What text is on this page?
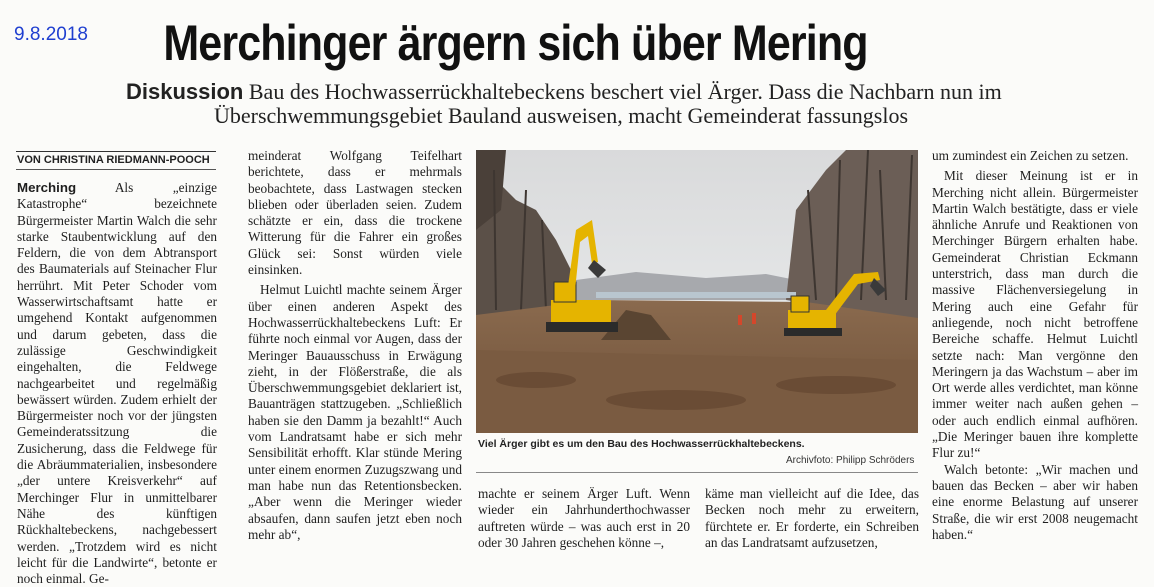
9.8.2018 Merchinger ärgern sich über Mering
Diskussion Bau des Hochwasserrückhaltebeckens beschert viel Ärger. Dass die Nachbarn nun im
Überschwemmungsgebiet Bauland ausweisen, macht Gemeinderat fassungslos
VON CHRISTINA RIEDMANN-POOCH

Merching	Als „einzige Katastrophe“ bezeichnete Bürgermeister Martin Walch die sehr starke Staubentwicklung auf den Feldern, die von dem Abtransport des Baumaterials auf Steinacher Flur herrührt. Mit Peter Schoder vom Wasserwirtschaftsamt hatte er umgehend Kontakt aufgenommen und darum gebeten, dass die zulässige Geschwindigkeit eingehalten, die Feldwege nachgearbeitet und regelmäßig bewässert würden. Zudem erhielt der Bürgermeister noch vor der jüngsten Gemeinderatssitzung die Zusicherung, dass die Feldwege für die Abräummaterialien, insbesondere „der untere Kreisverkehr“ auf Merchinger Flur in unmittelbarer Nähe des künftigen Rückhaltebeckens, nachgebessert werden. „Trotzdem wird es nicht leicht für die Landwirte“, betonte er noch einmal. Ge-

meinderat Wolfgang Teifelhart berichtete, dass er mehrmals beobachtete, dass Lastwagen stecken blieben oder überladen seien. Zudem schätzte er ein, dass die trockene Witterung für die Fahrer ein großes Glück sei: Sonst würden viele einsinken.

Helmut Luichtl machte seinem Ärger über einen anderen Aspekt des Hochwasserrückhaltebeckens Luft: Er führte noch einmal vor Augen, dass der Meringer Bauausschuss in Erwägung zieht, in der Flößerstraße, die als Überschwemmungsgebiet deklariert ist, Bauanträgen stattzugeben. „Schließlich haben sie den Damm ja bezahlt!“ Auch vom Landratsamt habe er sich mehr Sensibilität erhofft. Klar stünde Mering unter einem enormen Zuzugszwang und man habe nun das Retentionsbecken. „Aber wenn die Meringer wieder absaufen, dann saufen jetzt eben noch mehr ab“,

Viel Ärger gibt es um den Bau des Hochwasserrückhaltebeckens.
Archivfoto: Philipp Schröders

machte er seinem Ärger Luft. Wenn wieder ein Jahrhunderthochwasser auftreten würde – was auch erst in 20 oder 30 Jahren geschehen könne –,

käme man vielleicht auf die Idee, das Becken noch mehr zu erweitern, fürchtete er. Er forderte, ein Schreiben an das Landratsamt aufzusetzen,

um zumindest ein Zeichen zu setzen.

Mit dieser Meinung ist er in Merching nicht allein. Bürgermeister Martin Walch bestätigte, dass er viele ähnliche Anrufe und Reaktionen von Merchinger Bürgern erhalten habe. Gemeinderat Christian Eckmann unterstrich, dass man durch die massive Flächenversiegelung in Mering auch eine Gefahr für anliegende, noch nicht betroffene Bereiche schaffe. Helmut Luichtl setzte nach: Man vergönne den Meringern ja das Wachstum – aber im Ort werde alles verdichtet, man könne immer weiter nach außen gehen – oder auch endlich einmal aufhören. „Die Meringer bauen ihre komplette Flur zu!“

Walch betonte: „Wir machen und bauen das Becken – aber wir haben eine enorme Belastung auf unserer Straße, die wir erst 2008 neugemacht haben.“
